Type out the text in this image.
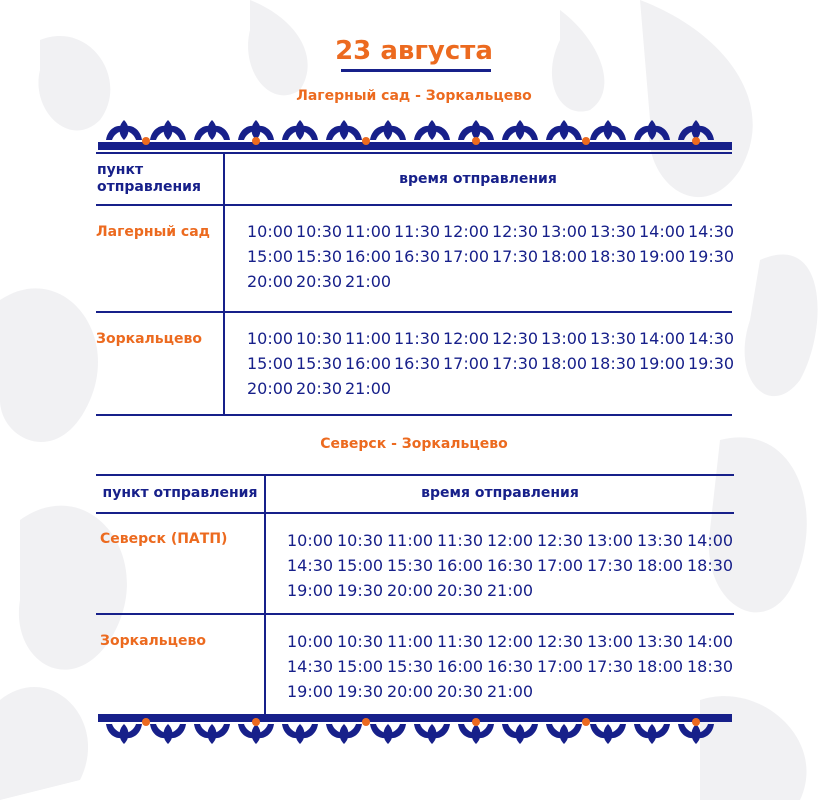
23 августа
Лагерный сад - Зоркальцево
пункт отправления	время отправления
Лагерный сад 10:00 10:30 11:00 11:30 12:00 12:30 13:00 13:30 14:00 14:30
15:00 15:30 16:00 16:30 17:00 17:30 18:00 18:30 19:00 19:30
20:00 20:30 21:00
Зоркальцево	10:00 10:30 11:00 11:30 12:00 12:30 13:00 13:30 14:00 14:30
15:00 15:30 16:00 16:30 17:00 17:30 18:00 18:30 19:00 19:30
20:00 20:30 21:00
Северск - Зоркальцево
пункт отправления	время отправления
Северск (ПАТП)	10:00 10:30 11:00 11:30 12:00 12:30 13:00 13:30 14:00
14:30 15:00 15:30 16:00 16:30 17:00 17:30 18:00 18:30
19:00 19:30 20:00 20:30 21:00
Зоркальцево	10:00 10:30 11:00 11:30 12:00 12:30 13:00 13:30 14:00
14:30 15:00 15:30 16:00 16:30 17:00 17:30 18:00 18:30
19:00 19:30 20:00 20:30 21:00
